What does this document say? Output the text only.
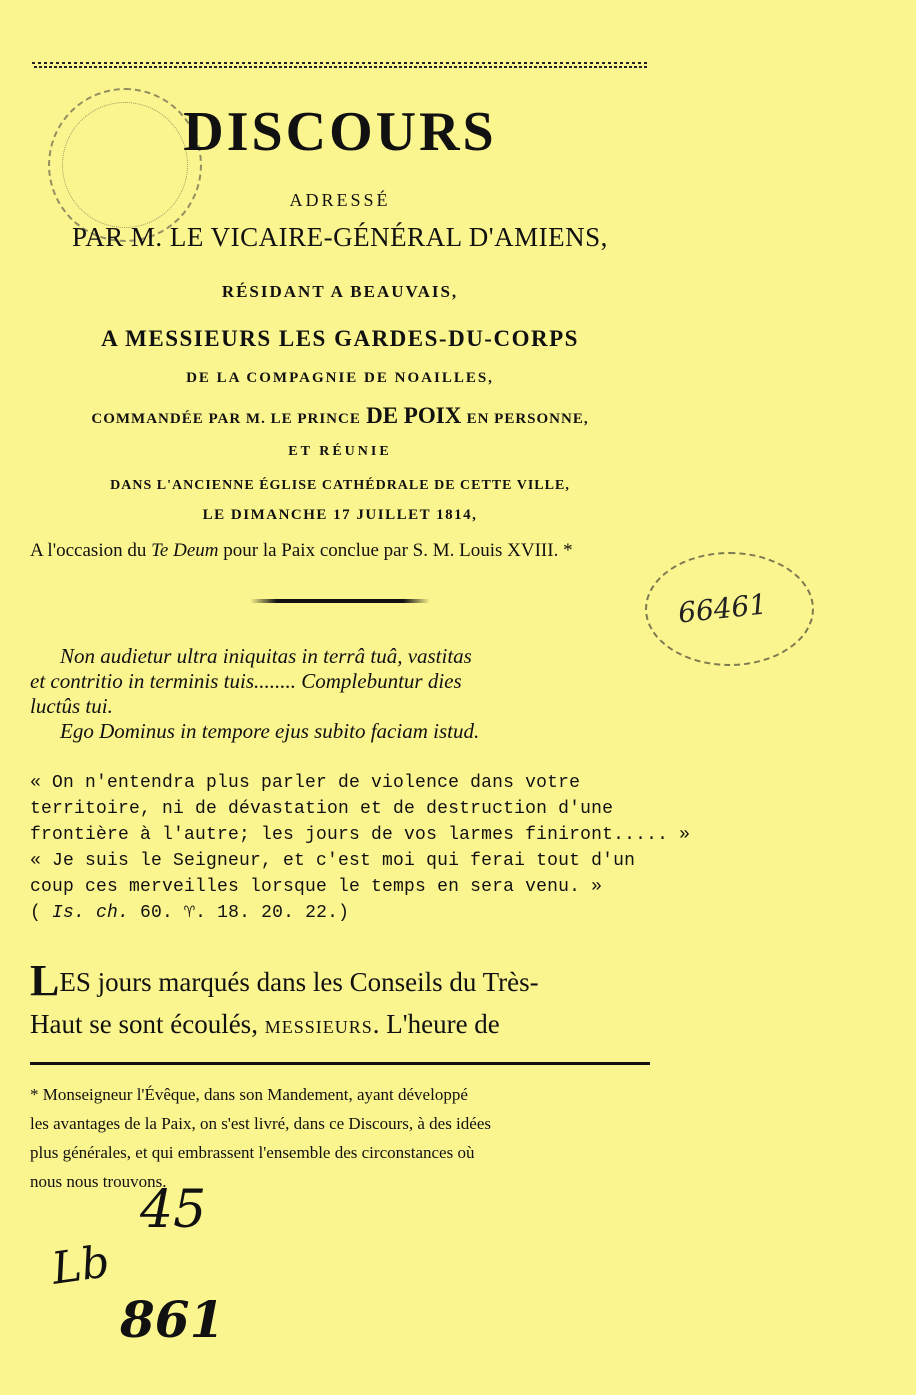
DISCOURS
ADRESSÉ
PAR M. LE VICAIRE-GÉNÉRAL D'AMIENS,
RÉSIDANT A BEAUVAIS,
A MESSIEURS LES GARDES-DU-CORPS
DE LA COMPAGNIE DE NOAILLES,
COMMANDÉE PAR M. LE PRINCE DE POIX EN PERSONNE,
ET RÉUNIE
DANS L'ANCIENNE ÉGLISE CATHÉDRALE DE CETTE VILLE,
LE DIMANCHE 17 JUILLET 1814,
A l'occasion du Te Deum pour la Paix conclue par S. M. Louis XVIII. *
66461
Non audietur ultra iniquitas in terrâ tuâ, vastitas
et contritio in terminis tuis........ Complebuntur dies
luctûs tui.
Ego Dominus in tempore ejus subito faciam istud.
« On n'entendra plus parler de violence dans votre
territoire, ni de dévastation et de destruction d'une
frontière à l'autre; les jours de vos larmes finiront..... »
« Je suis le Seigneur, et c'est moi qui ferai tout d'un
coup ces merveilles lorsque le temps en sera venu. »
( Is. ch. 60. ♈. 18. 20. 22.)
LES jours marqués dans les Conseils du Très-
Haut se sont écoulés, MESSIEURS. L'heure de
* Monseigneur l'Évêque, dans son Mandement, ayant développé
les avantages de la Paix, on s'est livré, dans ce Discours, à des idées
plus générales, et qui embrassent l'ensemble des circonstances où
nous nous trouvons.
45
Lb
861
